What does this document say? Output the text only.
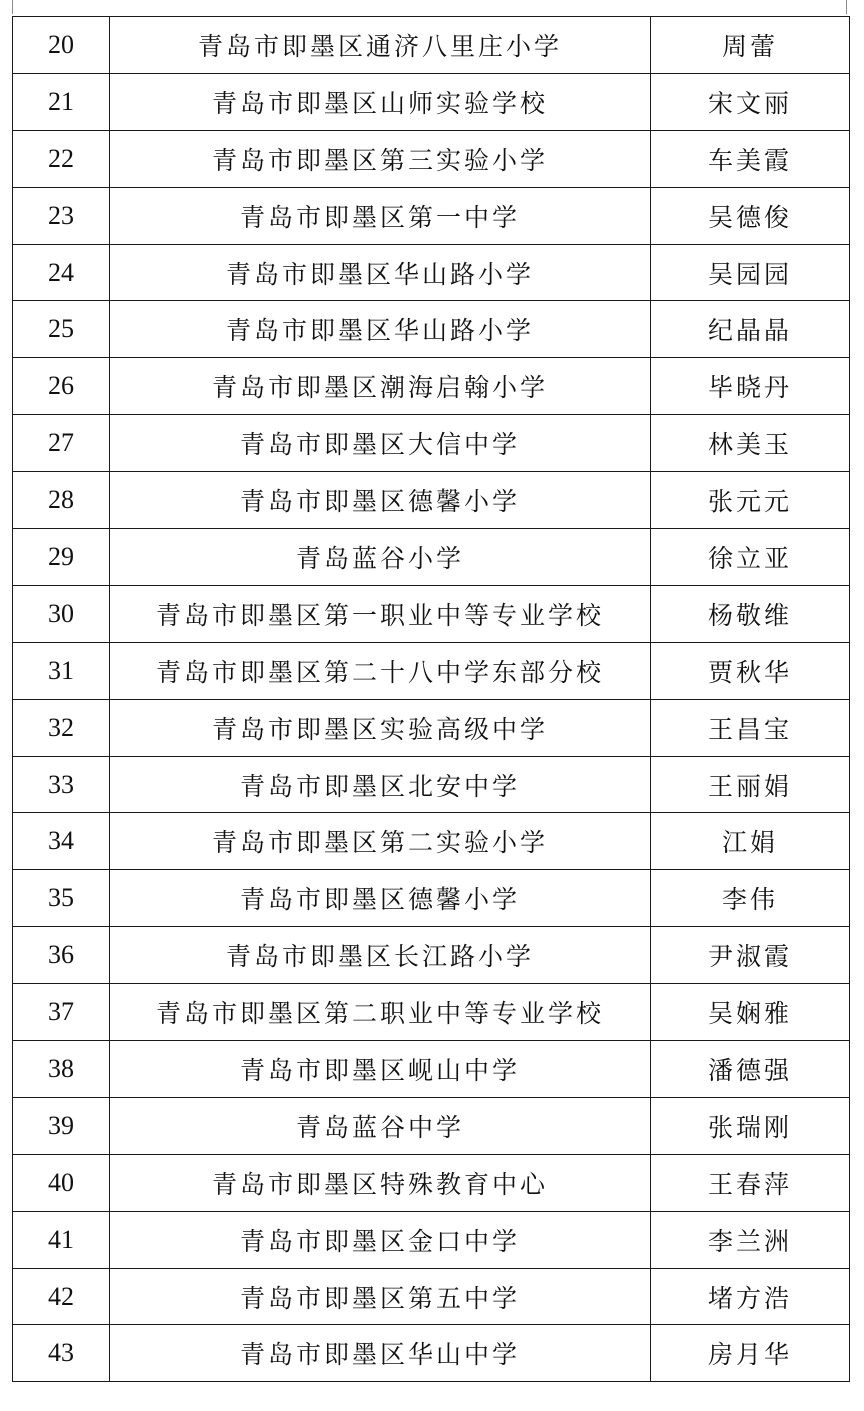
20	青岛市即墨区通济八里庄小学	周蕾
21	青岛市即墨区山师实验学校	宋文丽
22	青岛市即墨区第三实验小学	车美霞
23	青岛市即墨区第一中学	吴德俊
24	青岛市即墨区华山路小学	吴园园
25	青岛市即墨区华山路小学	纪晶晶
26	青岛市即墨区潮海启翰小学	毕晓丹
27	青岛市即墨区大信中学	林美玉
28	青岛市即墨区德馨小学	张元元
29	青岛蓝谷小学	徐立亚
30	青岛市即墨区第一职业中等专业学校	杨敬维
31	青岛市即墨区第二十八中学东部分校	贾秋华
32	青岛市即墨区实验高级中学	王昌宝
33	青岛市即墨区北安中学	王丽娟
34	青岛市即墨区第二实验小学	江娟
35	青岛市即墨区德馨小学	李伟
36	青岛市即墨区长江路小学	尹淑霞
37	青岛市即墨区第二职业中等专业学校	吴娴雅
38	青岛市即墨区岘山中学	潘德强
39	青岛蓝谷中学	张瑞刚
40	青岛市即墨区特殊教育中心	王春萍
41	青岛市即墨区金口中学	李兰洲
42	青岛市即墨区第五中学	堵方浩
43	青岛市即墨区华山中学	房月华
